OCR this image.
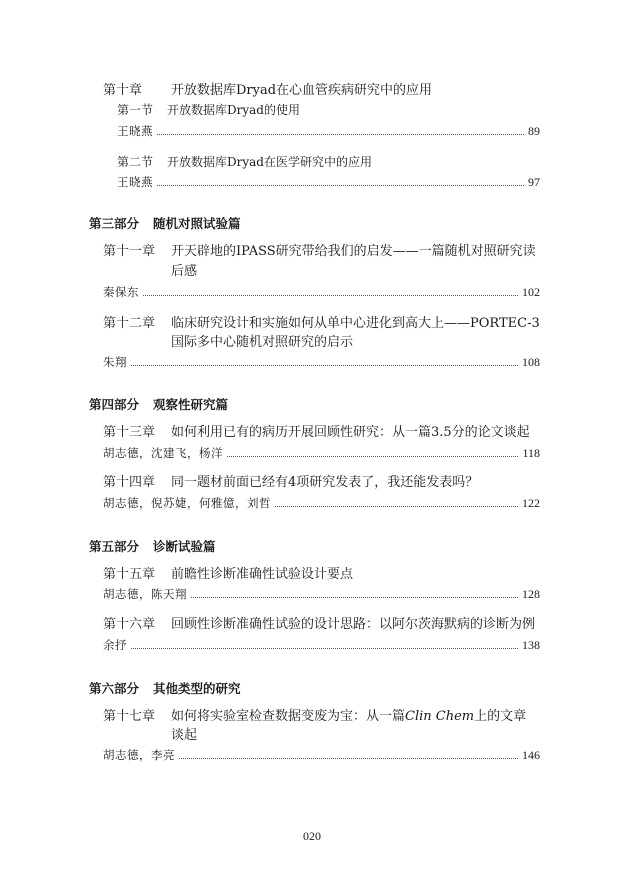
第十章 开放数据库Dryad在心血管疾病研究中的应用
第一节 开放数据库Dryad的使用
王晓燕	89
第二节 开放数据库Dryad在医学研究中的应用
王晓燕	97
第三部分 随机对照试验篇
第十一章 开天辟地的IPASS研究带给我们的启发——一篇随机对照研究读
后感
秦保东	102
第十二章 临床研究设计和实施如何从单中心进化到高大上——PORTEC-3
国际多中心随机对照研究的启示
朱翔	108
第四部分 观察性研究篇
第十三章 如何利用已有的病历开展回顾性研究：从一篇3.5分的论文谈起
胡志德，沈建飞，杨洋	118
第十四章 同一题材前面已经有4项研究发表了，我还能发表吗？
胡志德，倪苏婕，何雅億，刘哲	122
第五部分 诊断试验篇
第十五章 前瞻性诊断准确性试验设计要点
胡志德，陈天翔	128
第十六章 回顾性诊断准确性试验的设计思路：以阿尔茨海默病的诊断为例
余抒	138
第六部分 其他类型的研究
第十七章 如何将实验室检查数据变废为宝：从一篇Clin Chem上的文章
谈起
胡志德，李亮	146
020
